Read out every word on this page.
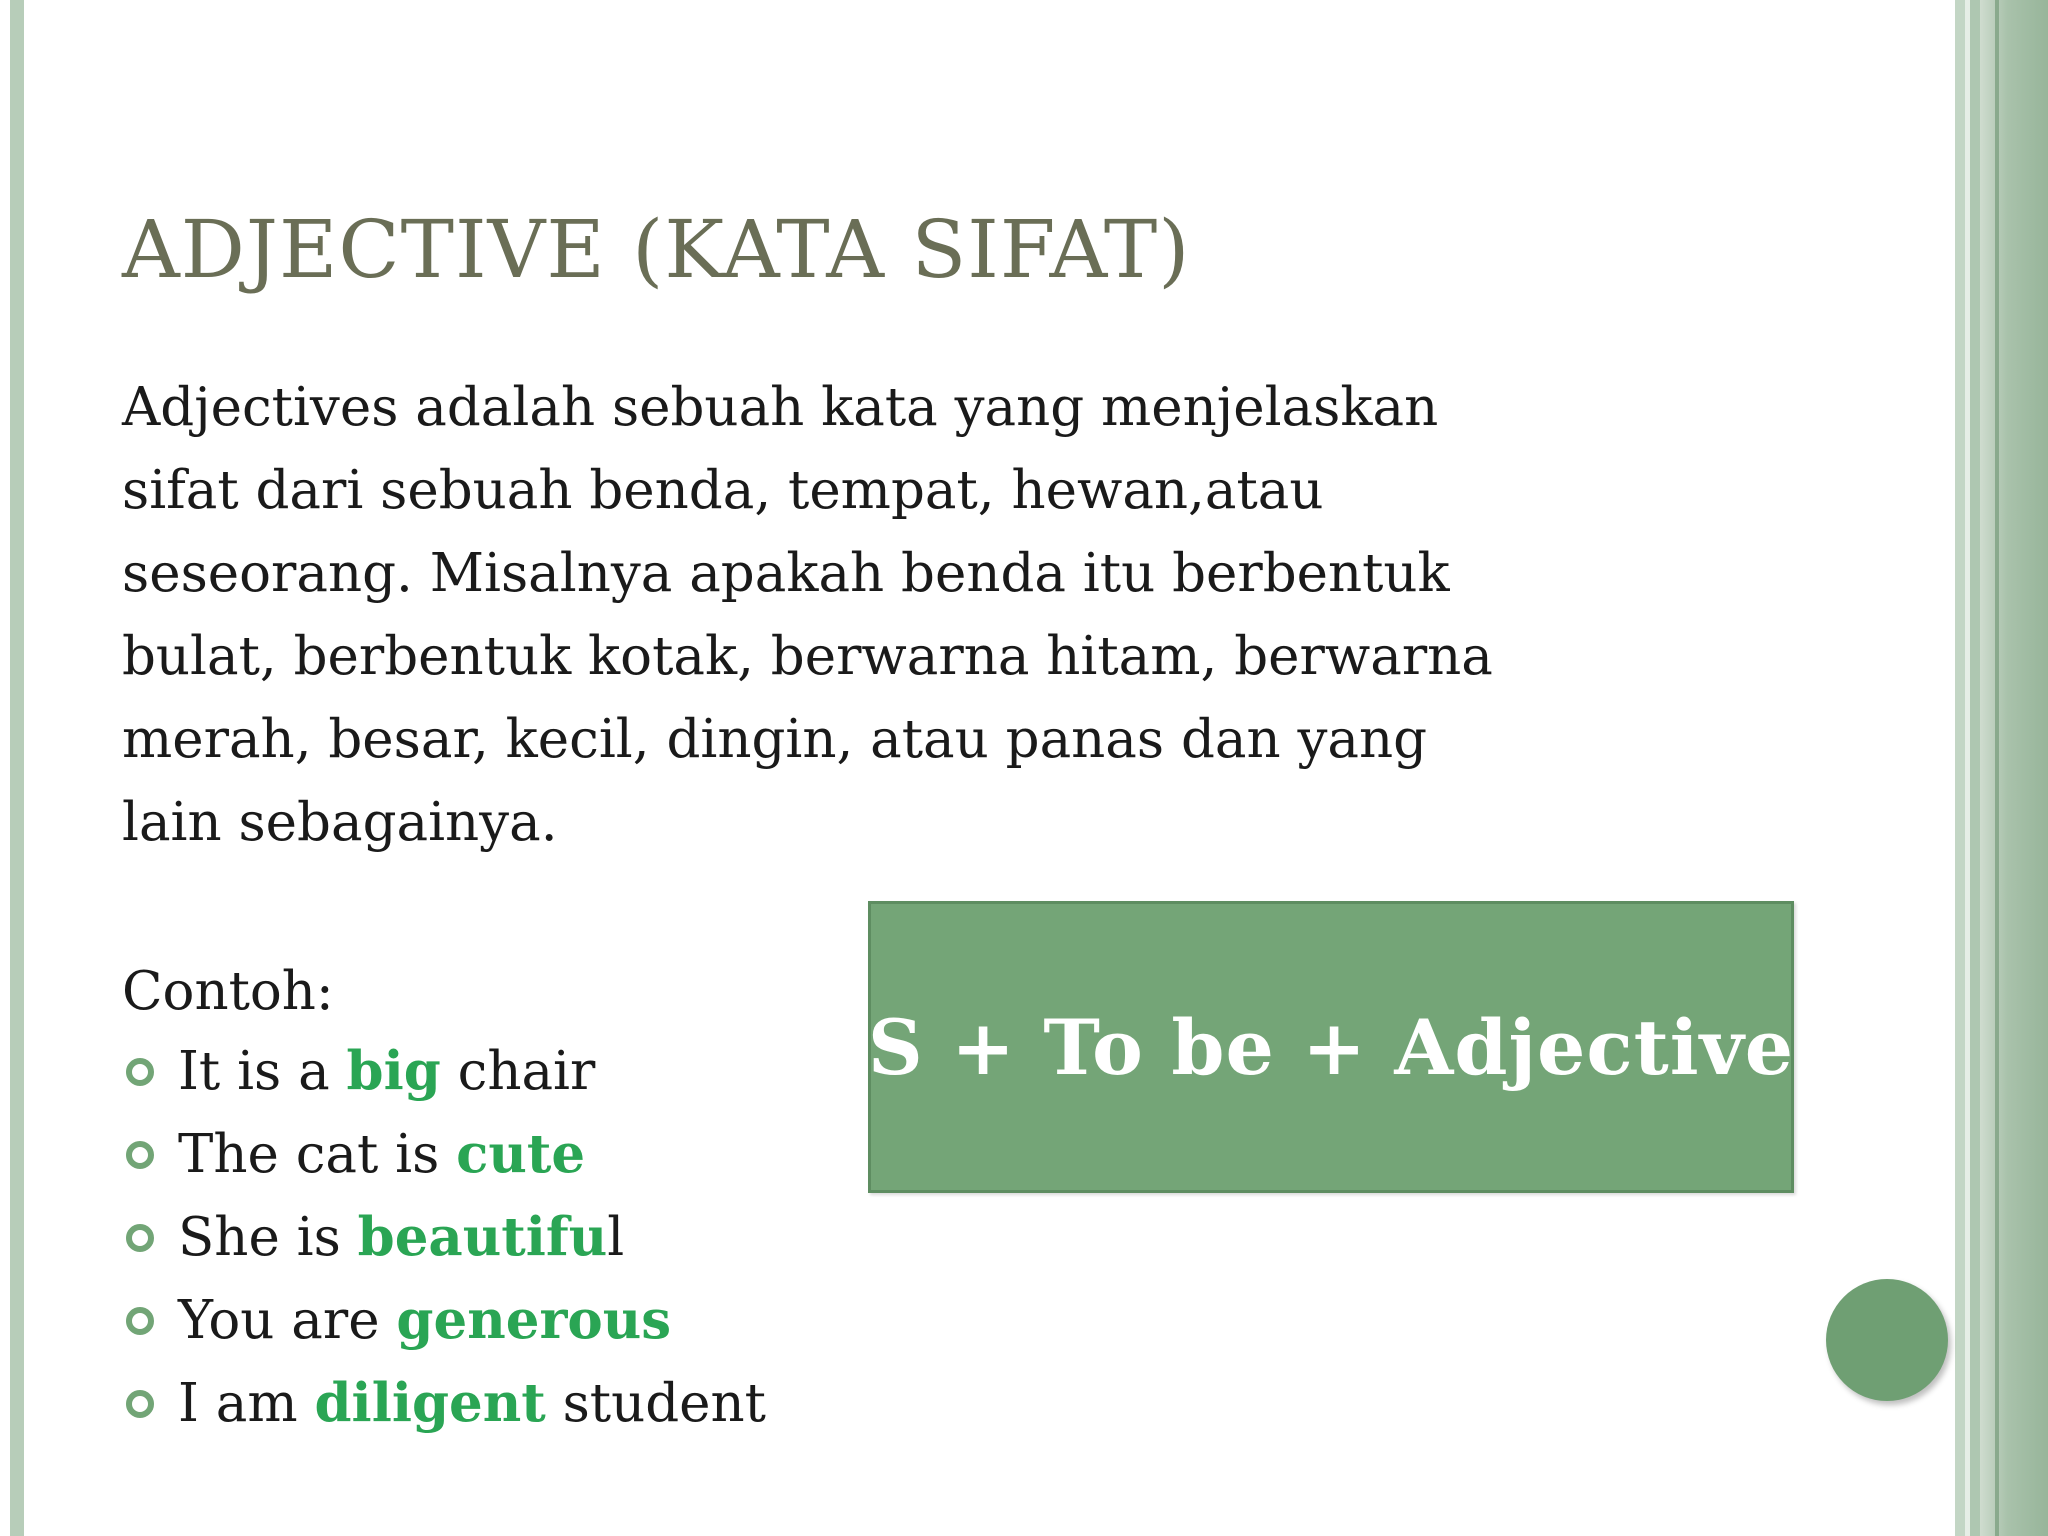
ADJECTIVE (KATA SIFAT)
Adjectives adalah sebuah kata yang menjelaskan
sifat dari sebuah benda, tempat, hewan,atau
seseorang. Misalnya apakah benda itu berbentuk
bulat, berbentuk kotak, berwarna hitam, berwarna
merah, besar, kecil, dingin, atau panas dan yang
lain sebagainya.
Contoh:
It is a big chair
The cat is cute
She is beautiful
You are generous
I am diligent student
S + To be + Adjective
